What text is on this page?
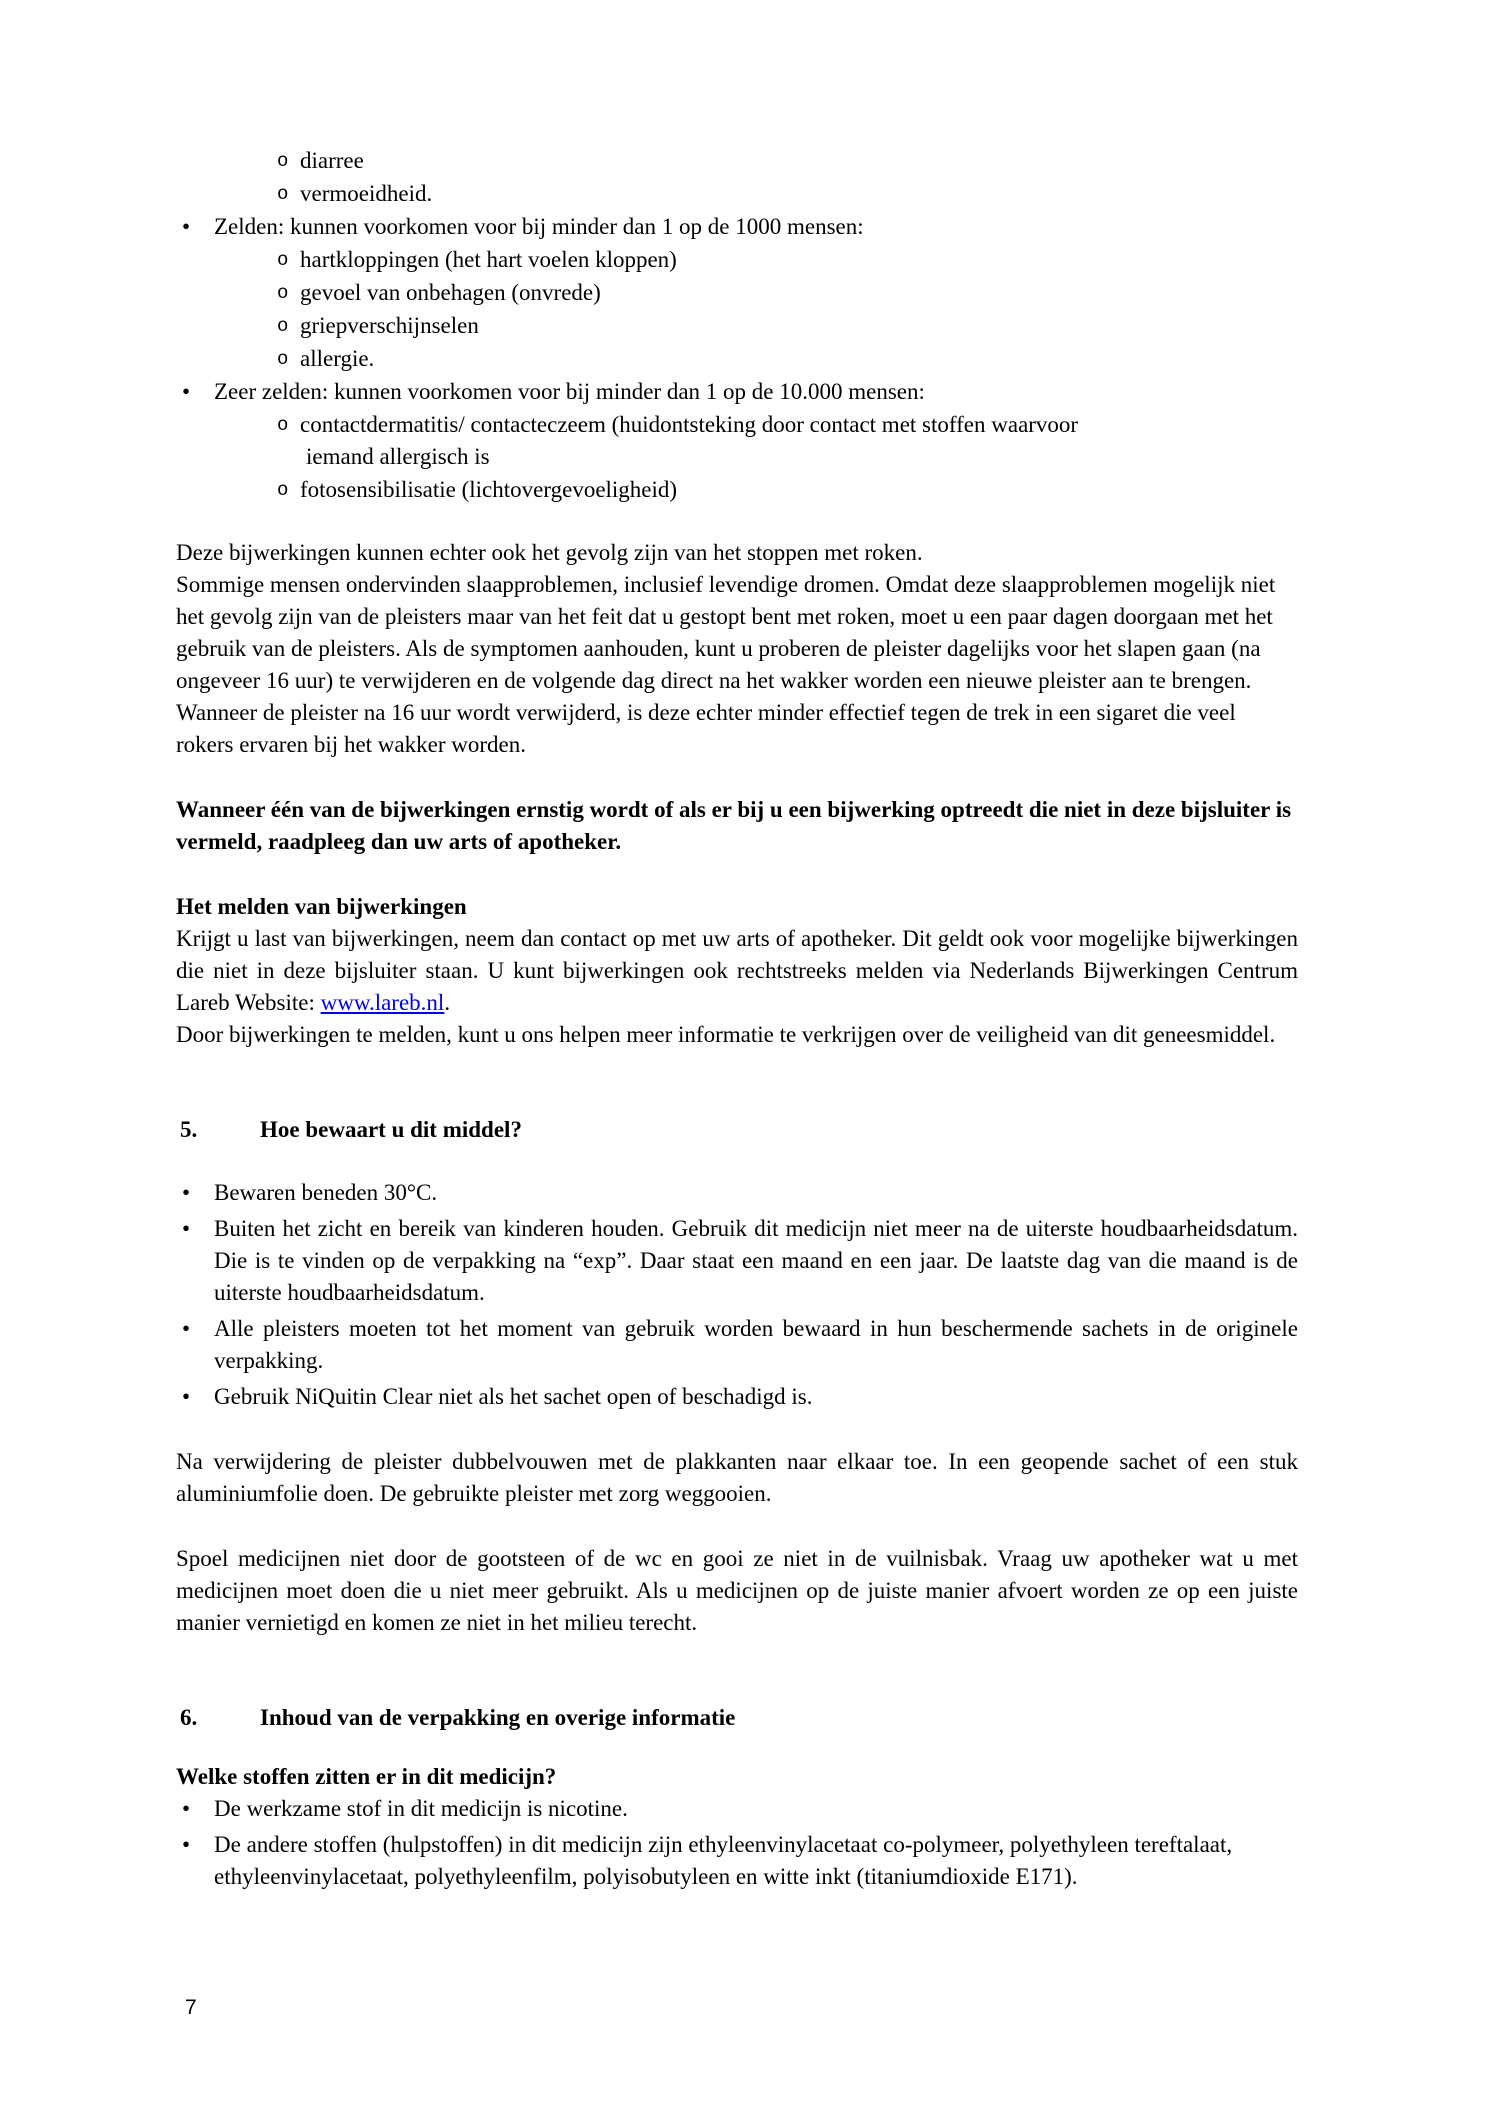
o diarree
o vermoeidheid.
•	Zelden: kunnen voorkomen voor bij minder dan 1 op de 1000 mensen:
o hartkloppingen (het hart voelen kloppen)
o gevoel van onbehagen (onvrede)
o griepverschijnselen
o allergie.
•	Zeer zelden: kunnen voorkomen voor bij minder dan 1 op de 10.000 mensen:
o contactdermatitis/ contacteczeem (huidontsteking door contact met stoffen waarvoor
iemand allergisch is
o fotosensibilisatie (lichtovergevoeligheid)

Deze bijwerkingen kunnen echter ook het gevolg zijn van het stoppen met roken.

Sommige mensen ondervinden slaapproblemen, inclusief levendige dromen. Omdat deze slaapproblemen mogelijk niet het gevolg zijn van de pleisters maar van het feit dat u gestopt bent met roken, moet u een paar dagen doorgaan met het gebruik van de pleisters. Als de symptomen aanhouden, kunt u proberen de pleister dagelijks voor het slapen gaan (na ongeveer 16 uur) te verwijderen en de volgende dag direct na het wakker worden een nieuwe pleister aan te brengen. Wanneer de pleister na 16 uur wordt verwijderd, is deze echter minder effectief tegen de trek in een sigaret die veel rokers ervaren bij het wakker worden.

Wanneer één van de bijwerkingen ernstig wordt of als er bij u een bijwerking optreedt die niet in deze bijsluiter is vermeld, raadpleeg dan uw arts of apotheker.

Het melden van bijwerkingen

Krijgt u last van bijwerkingen, neem dan contact op met uw arts of apotheker. Dit geldt ook voor mogelijke bijwerkingen die niet in deze bijsluiter staan. U kunt bijwerkingen ook rechtstreeks melden via Nederlands Bijwerkingen Centrum Lareb Website: www.lareb.nl.

Door bijwerkingen te melden, kunt u ons helpen meer informatie te verkrijgen over de veiligheid van dit geneesmiddel.

5.	Hoe bewaart u dit middel?
•	Bewaren beneden 30°C.
•	Buiten het zicht en bereik van kinderen houden. Gebruik dit medicijn niet meer na de uiterste houdbaarheidsdatum. Die is te vinden op de verpakking na “exp”. Daar staat een maand en een jaar. De laatste dag van die maand is de uiterste houdbaarheidsdatum.
•	Alle pleisters moeten tot het moment van gebruik worden bewaard in hun beschermende sachets in de originele verpakking.
•	Gebruik NiQuitin Clear niet als het sachet open of beschadigd is.

Na verwijdering de pleister dubbelvouwen met de plakkanten naar elkaar toe. In een geopende sachet of een stuk aluminiumfolie doen. De gebruikte pleister met zorg weggooien.

Spoel medicijnen niet door de gootsteen of de wc en gooi ze niet in de vuilnisbak. Vraag uw apotheker wat u met medicijnen moet doen die u niet meer gebruikt. Als u medicijnen op de juiste manier afvoert worden ze op een juiste manier vernietigd en komen ze niet in het milieu terecht.

6.	Inhoud van de verpakking en overige informatie

Welke stoffen zitten er in dit medicijn?

•	De werkzame stof in dit medicijn is nicotine.
•	De andere stoffen (hulpstoffen) in dit medicijn zijn ethyleenvinylacetaat co-polymeer, polyethyleen tereftalaat, ethyleenvinylacetaat, polyethyleenfilm, polyisobutyleen en witte inkt (titaniumdioxide E171).
7
